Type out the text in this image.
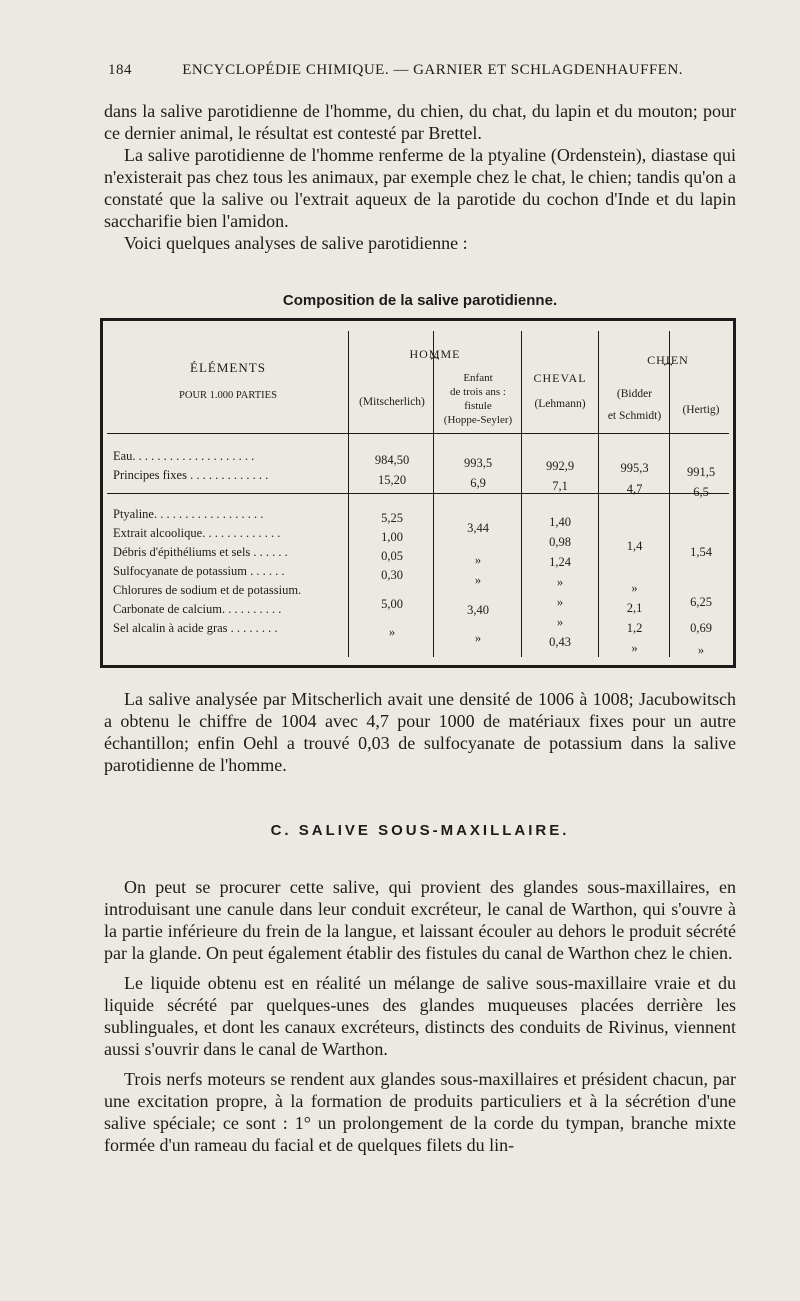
184	ENCYCLOPÉDIE CHIMIQUE. — GARNIER ET SCHLAGDENHAUFFEN.

dans la salive parotidienne de l'homme, du chien, du chat, du lapin et du mouton; pour ce dernier animal, le résultat est contesté par Brettel.

La salive parotidienne de l'homme renferme de la ptyaline (Ordenstein), diastase qui n'existerait pas chez tous les animaux, par exemple chez le chat, le chien; tandis qu'on a constaté que la salive ou l'extrait aqueux de la parotide du cochon d'Inde et du lapin saccharifie bien l'amidon.

Voici quelques analyses de salive parotidienne :

Composition de la salive parotidienne.
ÉLÉMENTS
POUR 1.000 PARTIES
HOMME
⏞
(Mitscherlich)
Enfant
de trois ans :
fistule
(Hoppe-Seyler)
CHEVAL
(Lehmann)
CHIEN
⏞
(Bidder
et Schmidt)	(Hertig)
Eau. . . . . . . . . . . . . . . . . . . .
Principes fixes . . . . . . . . . . . . .
984,50
15,20
993,5
6,9
992,9
7,1
995,3
4,7
991,5
6,5
Ptyaline. . . . . . . . . . . . . . . . . .
Extrait alcoolique. . . . . . . . . . . . .
Débris d'épithéliums et sels . . . . . .
Sulfocyanate de potassium . . . . . .
Chlorures de sodium et de potassium.
Carbonate de calcium. . . . . . . . . .
Sel alcalin à acide gras . . . . . . . .
5,25
1,00
0,05
0,30
5,00
»
3,44
»
»
3,40
»
1,40
0,98
1,24
»
»
»
0,43
1,4
»
2,1
1,2
»
1,54
6,25
0,69
»

La salive analysée par Mitscherlich avait une densité de 1006 à 1008; Jacubowitsch a obtenu le chiffre de 1004 avec 4,7 pour 1000 de matériaux fixes pour un autre échantillon; enfin Oehl a trouvé 0,03 de sulfocyanate de potassium dans la salive parotidienne de l'homme.

C. SALIVE SOUS-MAXILLAIRE.

On peut se procurer cette salive, qui provient des glandes sous-maxillaires, en introduisant une canule dans leur conduit excréteur, le canal de Warthon, qui s'ouvre à la partie inférieure du frein de la langue, et laissant écouler au dehors le produit sécrété par la glande. On peut également établir des fistules du canal de Warthon chez le chien.

Le liquide obtenu est en réalité un mélange de salive sous-maxillaire vraie et du liquide sécrété par quelques-unes des glandes muqueuses placées derrière les sublinguales, et dont les canaux excréteurs, distincts des conduits de Rivinus, viennent aussi s'ouvrir dans le canal de Warthon.

Trois nerfs moteurs se rendent aux glandes sous-maxillaires et président chacun, par une excitation propre, à la formation de produits particuliers et à la sécrétion d'une salive spéciale; ce sont : 1° un prolongement de la corde du tympan, branche mixte formée d'un rameau du facial et de quelques filets du lin-
